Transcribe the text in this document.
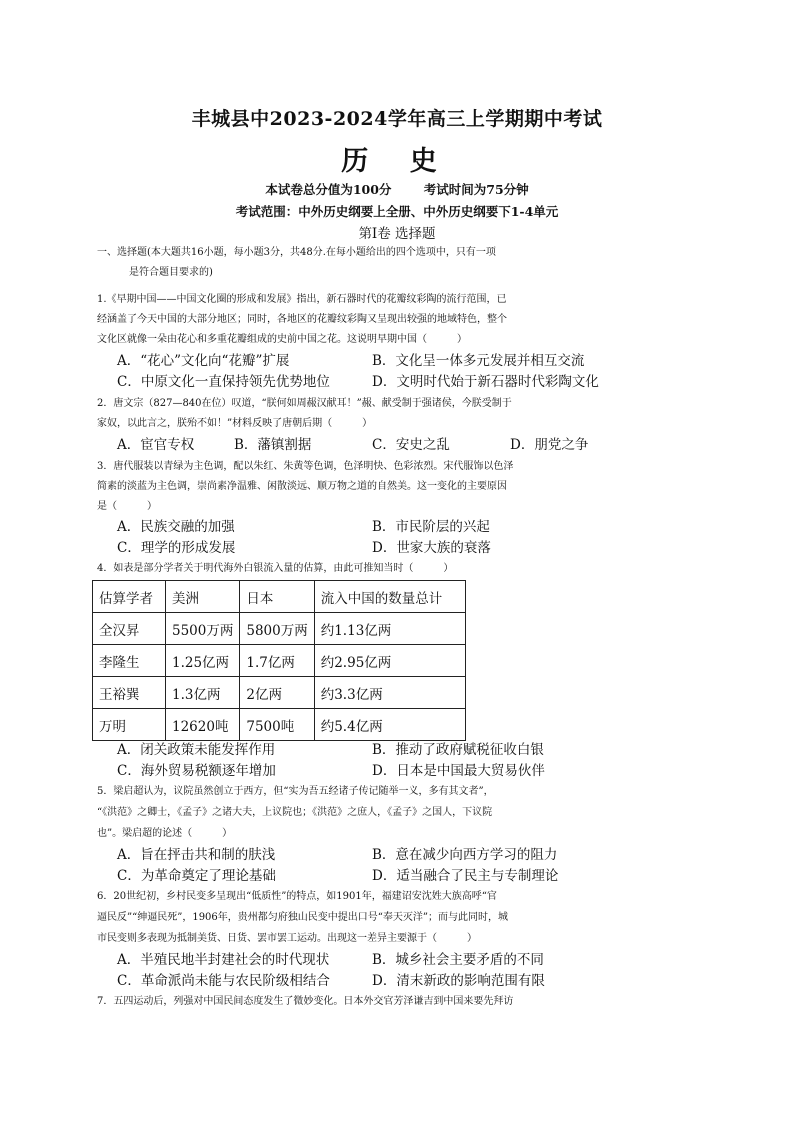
丰城县中2023-2024学年高三上学期期中考试
历 史
本试卷总分值为100分	考试时间为75分钟
考试范围：中外历史纲要上全册、中外历史纲要下1-4单元
第Ⅰ卷 选择题
一、选择题(本大题共16小题，每小题3分，共48分.在每小题给出的四个选项中，只有一项
是符合题目要求的)
1.《早期中国——中国文化圈的形成和发展》指出，新石器时代的花瓣纹彩陶的流行范围，已
经涵盖了今天中国的大部分地区；同时，各地区的花瓣纹彩陶又呈现出较强的地域特色，整个
文化区就像一朵由花心和多重花瓣组成的史前中国之花。这说明早期中国（　　　）
A．“花心”文化向“花瓣”扩展	B．文化呈一体多元发展并相互交流
C．中原文化一直保持领先优势地位	D．文明时代始于新石器时代彩陶文化
2．唐文宗（827—840在位）叹道，“朕何如周赧汉献耳！”赧、献受制于强诸侯，今朕受制于
家奴，以此言之，朕殆不如！”材料反映了唐朝后期（　　　）
A．宦官专权	B．藩镇割据	C．安史之乱	D．朋党之争
3．唐代服装以青绿为主色调，配以朱红、朱黄等色调，色泽明快、色彩浓烈。宋代服饰以色泽
简素的淡蓝为主色调，崇尚素净温雅、闲散淡远、顺万物之道的自然美。这一变化的主要原因
是（　　　）
A．民族交融的加强	B．市民阶层的兴起
C．理学的形成发展	D．世家大族的衰落
4．如表是部分学者关于明代海外白银流入量的估算，由此可推知当时（　　　）
估算学者	美洲	日本	流入中国的数量总计
全汉昇	5500万两	5800万两	约1.13亿两
李隆生	1.25亿两	1.7亿两	约2.95亿两
王裕巽	1.3亿两	2亿两	约3.3亿两
万明	12620吨	7500吨	约5.4亿两
A．闭关政策未能发挥作用	B．推动了政府赋税征收白银
C．海外贸易税额逐年增加	D．日本是中国最大贸易伙伴
5．梁启超认为，议院虽然创立于西方，但“实为吾五经诸子传记随举一义，多有其文者”，
“《洪范》之卿士，《孟子》之诸大夫，上议院也；《洪范》之庶人，《孟子》之国人，下议院
也”。梁启超的论述（　　　）
A．旨在抨击共和制的肤浅	B．意在减少向西方学习的阻力
C．为革命奠定了理论基础	D．适当融合了民主与专制理论
6．20世纪初，乡村民变多呈现出“低质性”的特点，如1901年，福建诏安沈姓大族高呼“官
逼民反”“绅逼民死”，1906年，贵州都匀府独山民变中提出口号“奉天灭洋”；而与此同时，城
市民变则多表现为抵制美货、日货、罢市罢工运动。出现这一差异主要源于（　　　）
A．半殖民地半封建社会的时代现状	B．城乡社会主要矛盾的不同
C．革命派尚未能与农民阶级相结合	D．清末新政的影响范围有限
7．五四运动后，列强对中国民间态度发生了微妙变化。日本外交官芳泽谦吉到中国来要先拜访
